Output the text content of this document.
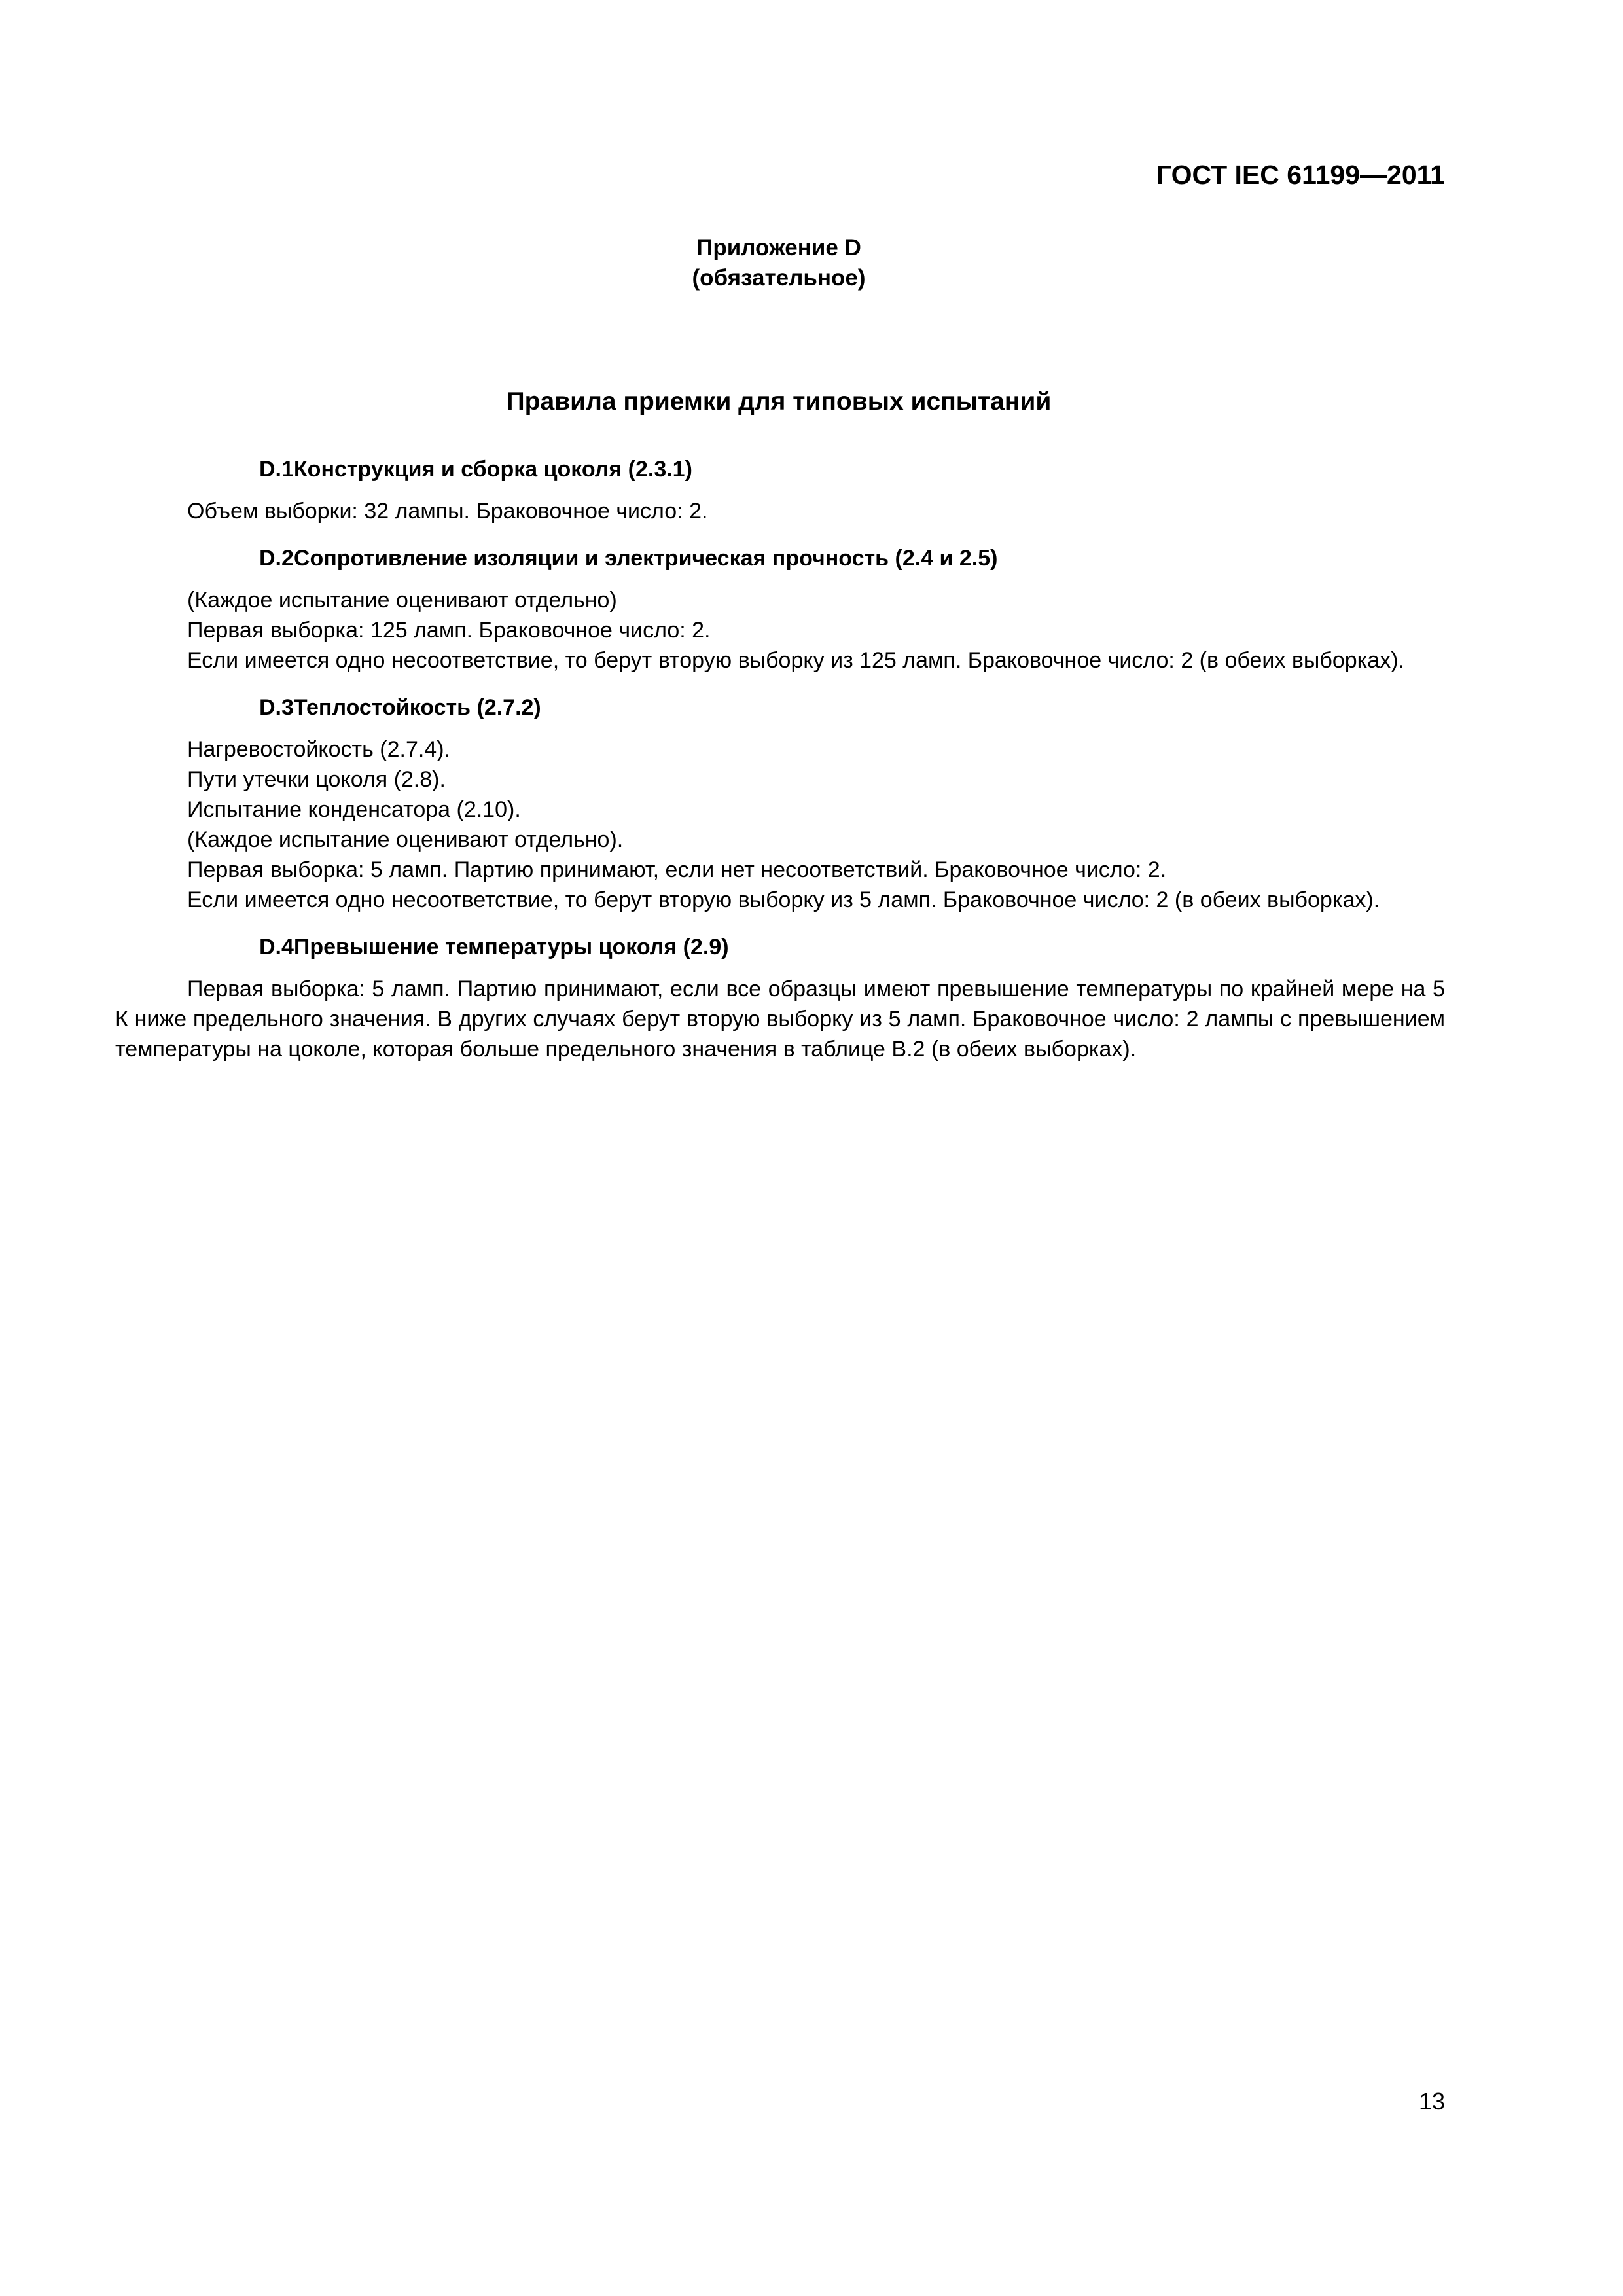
ГОСТ IEC 61199—2011
Приложение D
(обязательное)
Правила приемки для типовых испытаний
D.1Конструкция и сборка цоколя (2.3.1)

Объем выборки: 32 лампы. Браковочное число: 2.

D.2Сопротивление изоляции и электрическая прочность (2.4 и 2.5)

(Каждое испытание оценивают отдельно)

Первая выборка: 125 ламп. Браковочное число: 2.

Если имеется одно несоответствие, то берут вторую выборку из 125 ламп. Браковочное число: 2 (в обеих выборках).

D.3Теплостойкость (2.7.2)

Нагревостойкость (2.7.4).

Пути утечки цоколя (2.8).

Испытание конденсатора (2.10).

(Каждое испытание оценивают отдельно).

Первая выборка: 5 ламп. Партию принимают, если нет несоответствий. Браковочное число: 2.

Если имеется одно несоответствие, то берут вторую выборку из 5 ламп. Браковочное число: 2 (в обеих выборках).

D.4Превышение температуры цоколя (2.9)

Первая выборка: 5 ламп. Партию принимают, если все образцы имеют превышение температуры по крайней мере на 5 К ниже предельного значения. В других случаях берут вторую выборку из 5 ламп. Браковочное число: 2 лампы с превышением температуры на цоколе, которая больше предельного значения в таблице В.2 (в обеих выборках).

13
